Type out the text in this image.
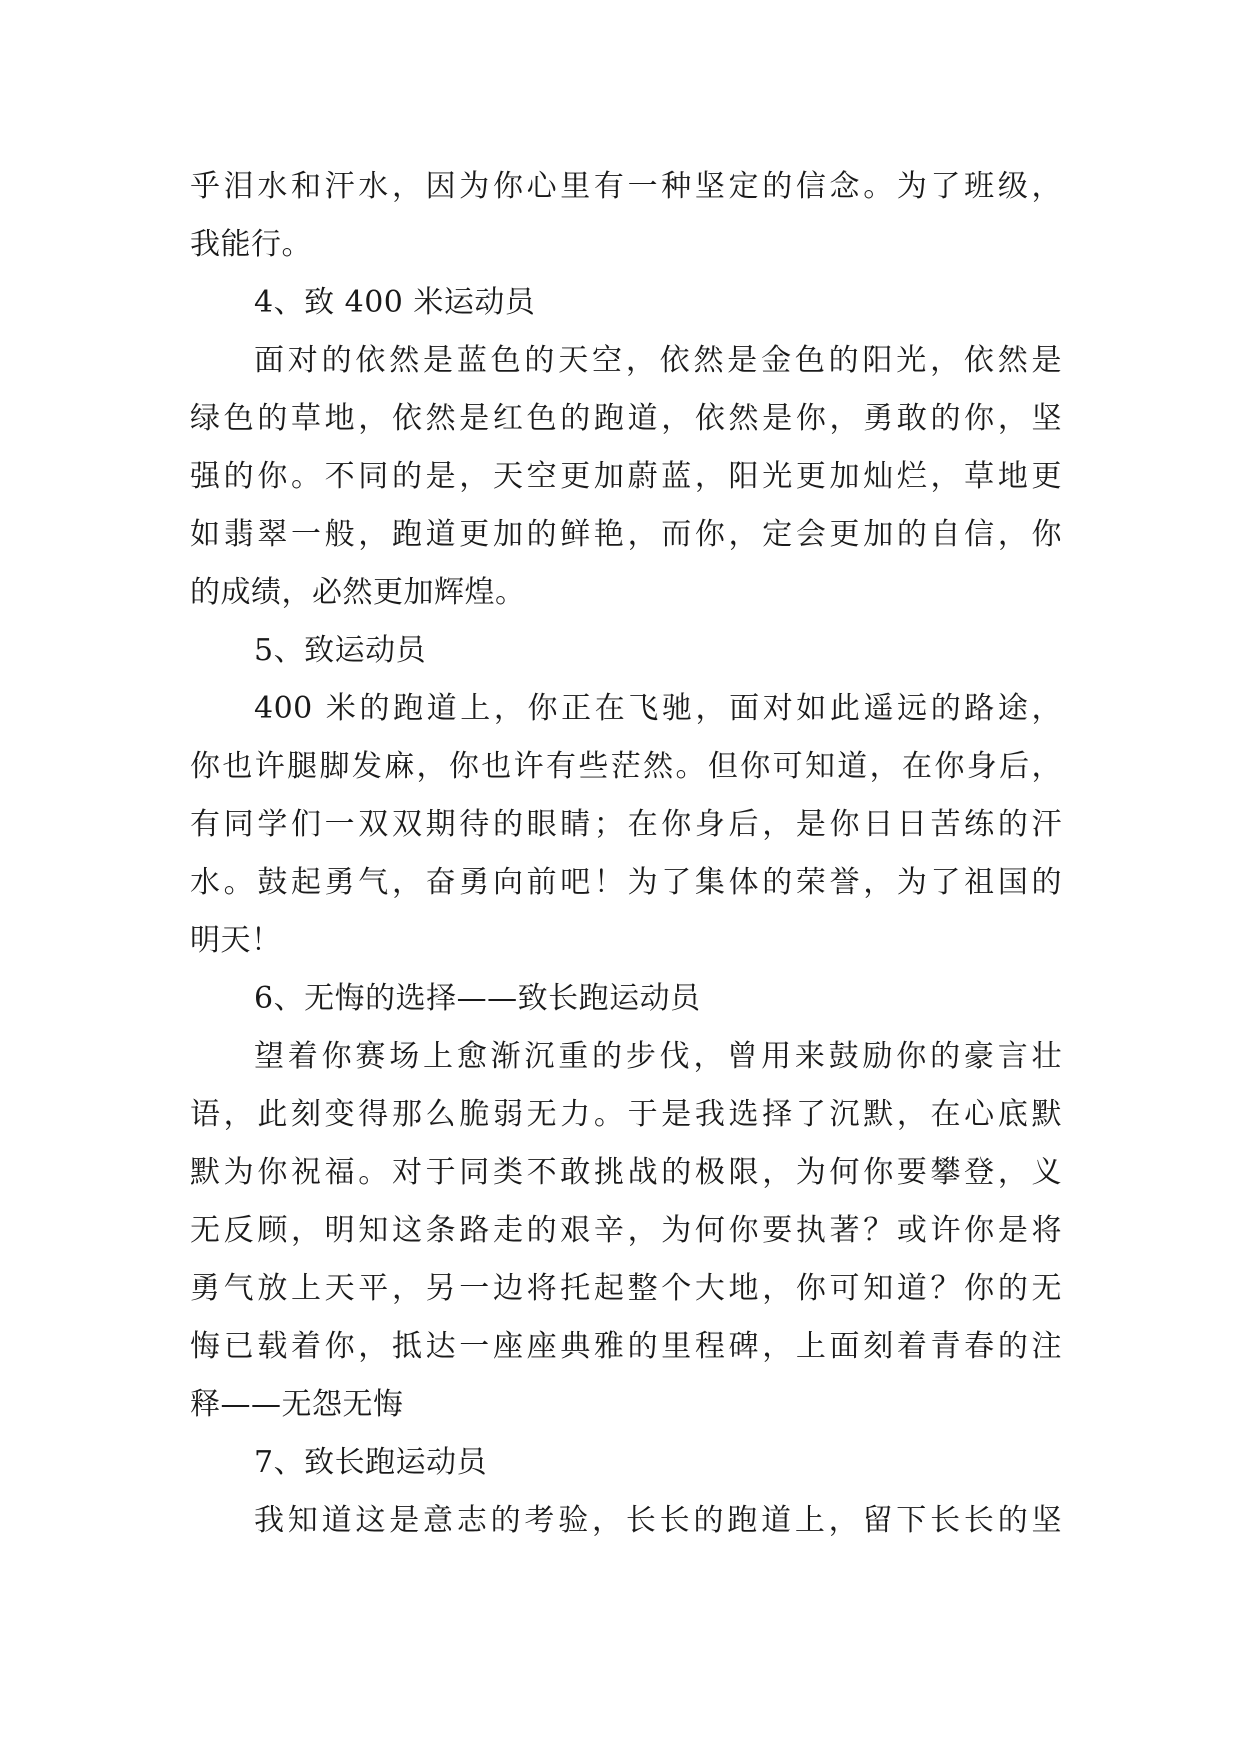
乎泪水和汗水，因为你心里有一种坚定的信念。为了班级，
我能行。
4、致 400 米运动员
面对的依然是蓝色的天空，依然是金色的阳光，依然是
绿色的草地，依然是红色的跑道，依然是你，勇敢的你，坚
强的你。不同的是，天空更加蔚蓝，阳光更加灿烂，草地更
如翡翠一般，跑道更加的鲜艳，而你，定会更加的自信，你
的成绩，必然更加辉煌。
5、致运动员
400 米的跑道上，你正在飞驰，面对如此遥远的路途，
你也许腿脚发麻，你也许有些茫然。但你可知道，在你身后，
有同学们一双双期待的眼睛；在你身后，是你日日苦练的汗
水。鼓起勇气，奋勇向前吧！为了集体的荣誉，为了祖国的
明天！
6、无悔的选择——致长跑运动员
望着你赛场上愈渐沉重的步伐，曾用来鼓励你的豪言壮
语，此刻变得那么脆弱无力。于是我选择了沉默，在心底默
默为你祝福。对于同类不敢挑战的极限，为何你要攀登，义
无反顾，明知这条路走的艰辛，为何你要执著？或许你是将
勇气放上天平，另一边将托起整个大地，你可知道？你的无
悔已载着你，抵达一座座典雅的里程碑，上面刻着青春的注
释——无怨无悔
7、致长跑运动员
我知道这是意志的考验，长长的跑道上，留下长长的坚
